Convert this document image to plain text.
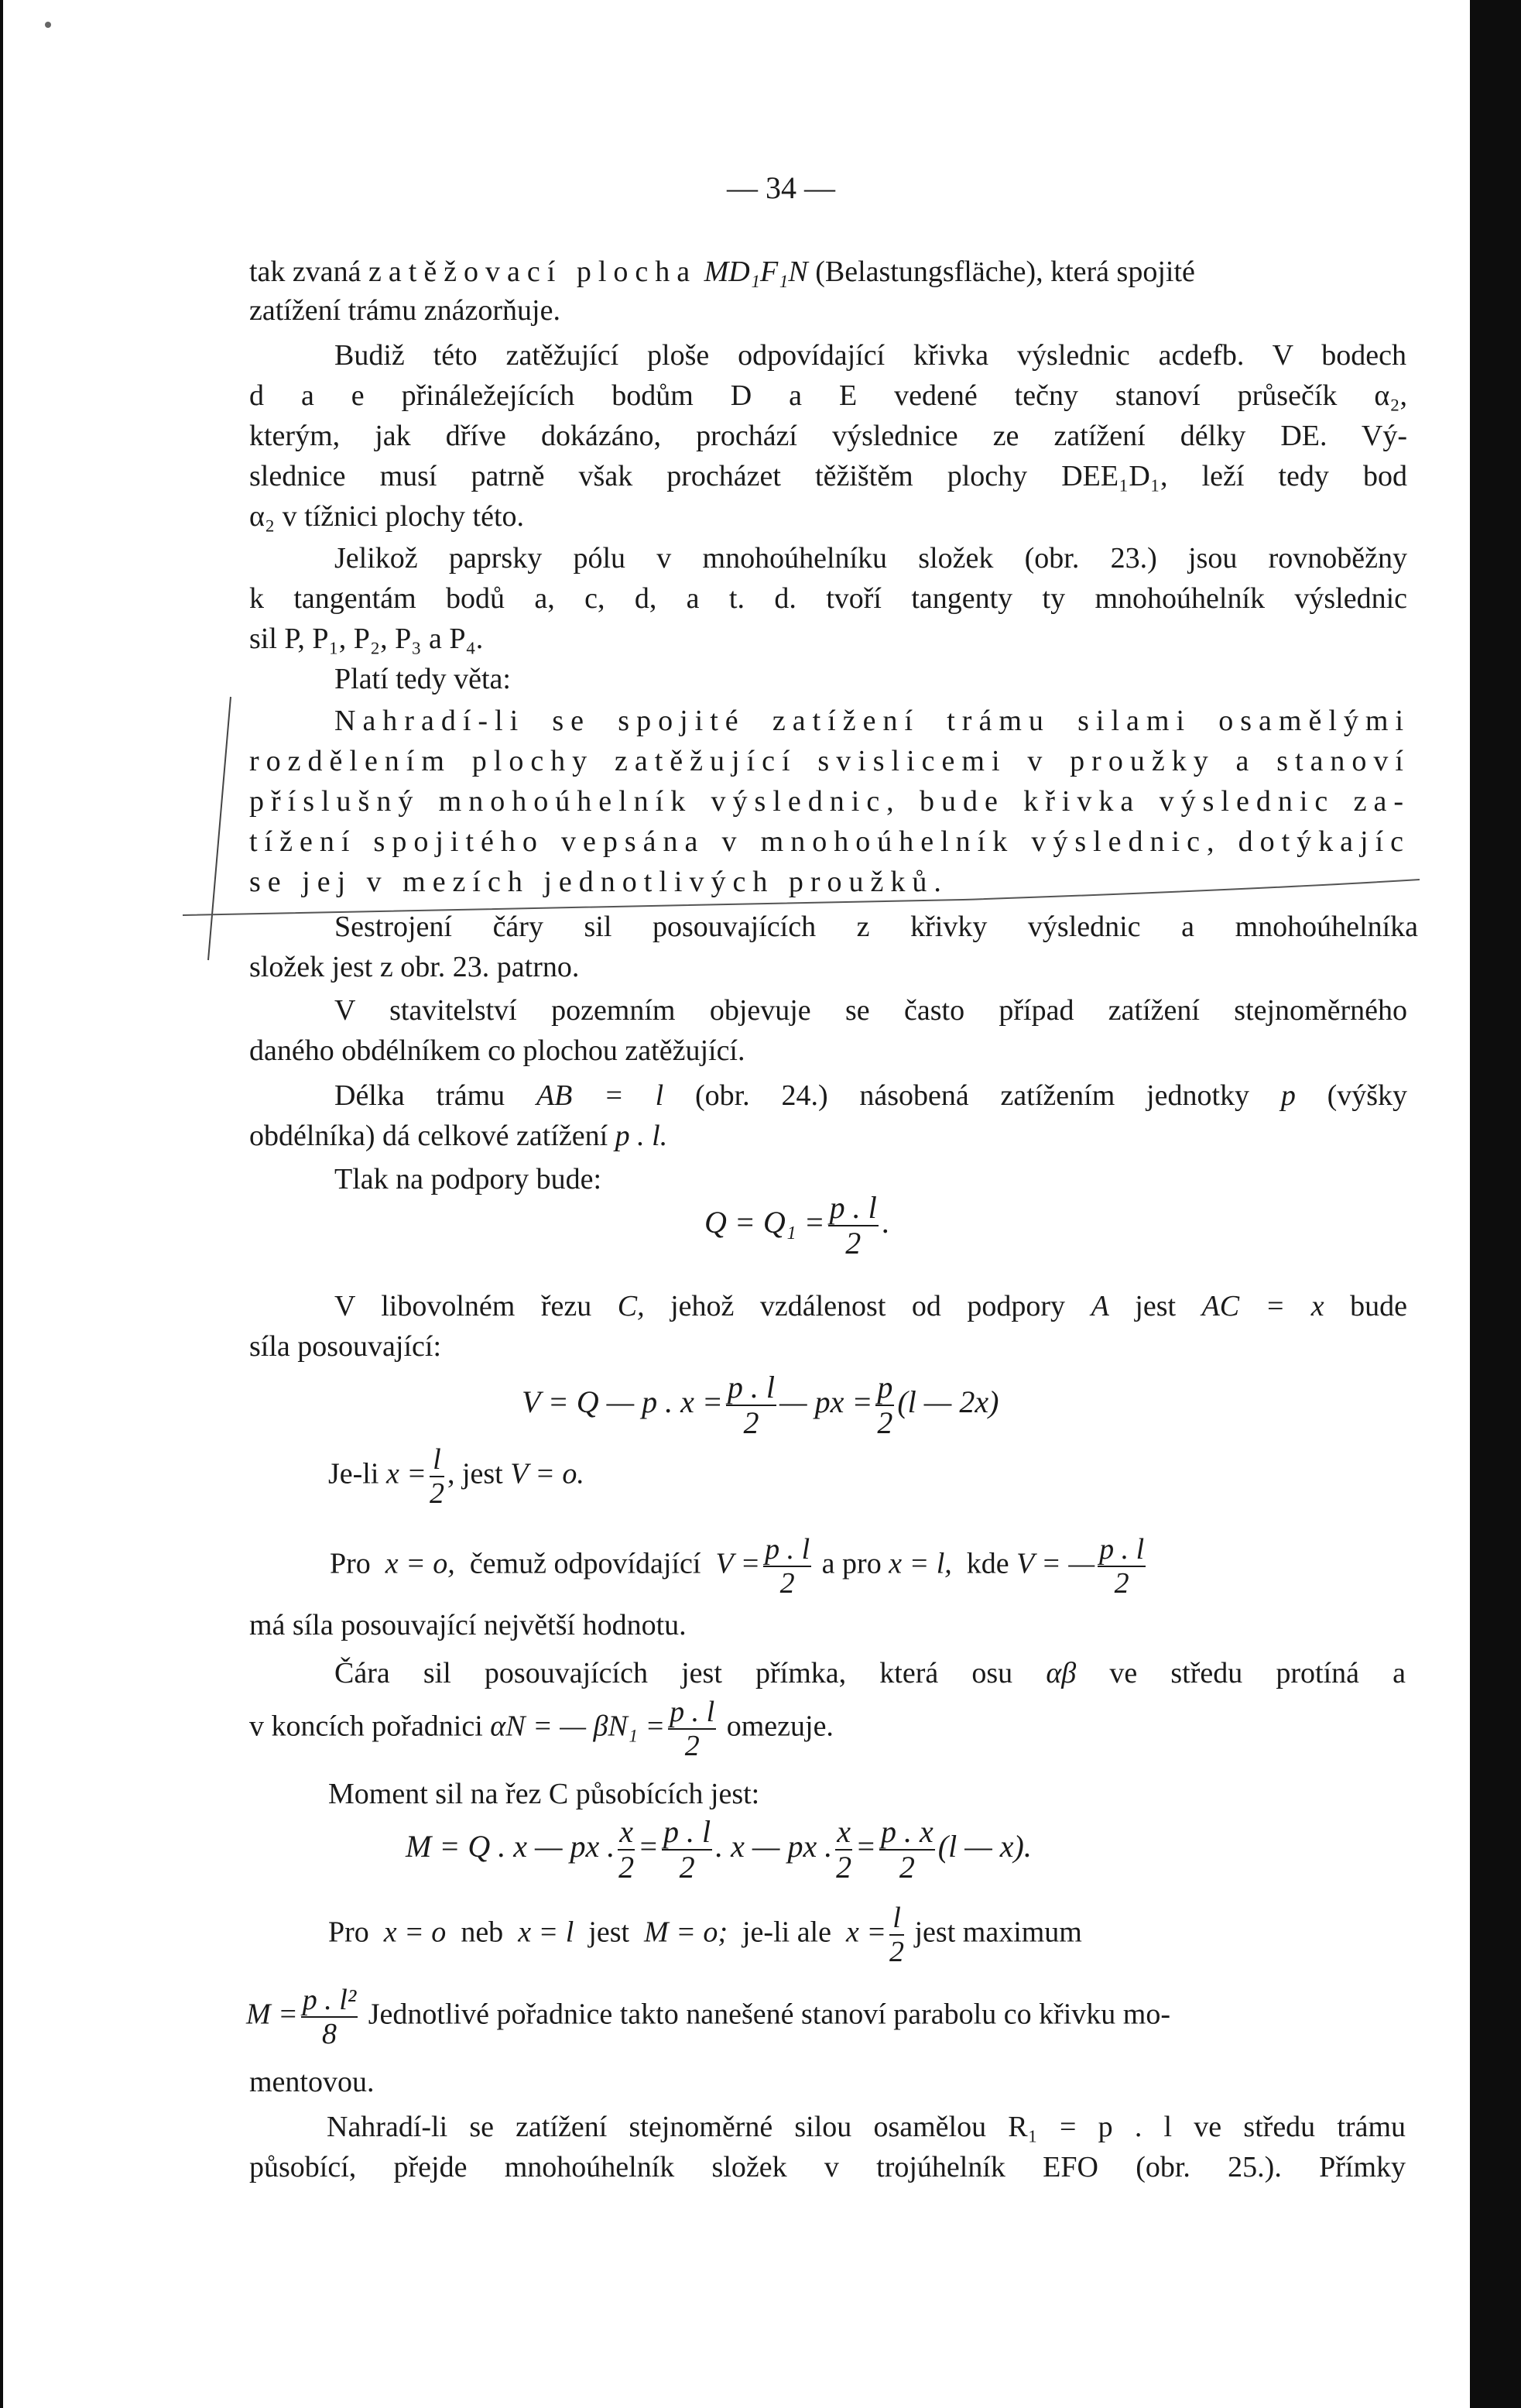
— 34 —
tak zvaná zatěžovací plocha MD₁F₁N (Belastungsfläche), která spojité
zatížení trámu znázorňuje.
Budiž této zatěžující ploše odpovídající křivka výslednic acdefb. V bodech
d a e přináležejících bodům D a E vedené tečny stanoví průsečík α₂,
kterým, jak dříve dokázáno, prochází výslednice ze zatížení délky DE. Vý-
slednice musí patrně však procházet těžištěm plochy DEE₁D₁, leží tedy bod
α₂ v tížnici plochy této.
Jelikož paprsky pólu v mnohoúhelníku složek (obr. 23.) jsou rovnoběžny
k tangentám bodů a, c, d, a t. d. tvoří tangenty ty mnohoúhelník výslednic
sil P, P₁, P₂, P₃ a P₄.
Platí tedy věta:
Nahradí-li se spojité zatížení trámu silami osamělými
rozdělením plochy zatěžující svislicemi v proužky a stanoví
příslušný mnohoúhelník výslednic, bude křivka výslednic za-
tížení spojitého vepsána v mnohoúhelník výslednic, dotýkajíc
se jej v mezích jednotlivých proužků.
Sestrojení čáry sil posouvajících z křivky výslednic a mnohoúhelníka
složek jest z obr. 23. patrno.
V stavitelství pozemním objevuje se často případ zatížení stejnoměrného
daného obdélníkem co plochou zatěžující.
Délka trámu AB = l (obr. 24.) násobená zatížením jednotky p (výšky
obdélníka) dá celkové zatížení p . l.
Tlak na podpory bude:
$Q = Q_1 = \frac{p . l}{2}$ .
V libovolném řezu C, jehož vzdálenost od podpory A jest AC = x bude
síla posouvající:
V = Q — p . $x = \frac{p . l}{2}$ — px = $\frac{p}{2} (l$ — 2x)
Je-li $x = \frac{l}{2}$ , jest V = o.
Pro x = o, čemuž odpovídající $V = \frac{p . l}{2}$ a pro x = l, kde V = — $\frac{p . l}{2}$
má síla posouvající největší hodnotu.
Čára sil posouvajících jest přímka, která osu αβ ve středu protíná a
v koncích pořadnici αN = — $\beta N_1 = \frac{p . l}{2}$ omezuje.
Moment sil na řez C působících jest:
M = Q . x — px . $\frac{x}{2} = \frac{p . l}{2}$ . x — px . $\frac{x}{2} = \frac{p . x}{2} (l$ — x).
Pro x = o neb x = l jest M = o; je-li ale $x = \frac{l}{2}$ jest maximum
$M = \frac{\text{p . l²}}{8}$ Jednotlivé pořadnice takto nanešené stanoví parabolu co křivku mo-
mentovou.
Nahradí-li se zatížení stejnoměrné silou osamělou R₁ = p . l ve středu trámu
působící, přejde mnohoúhelník složek v trojúhelník EFO (obr. 25.). Přímky
